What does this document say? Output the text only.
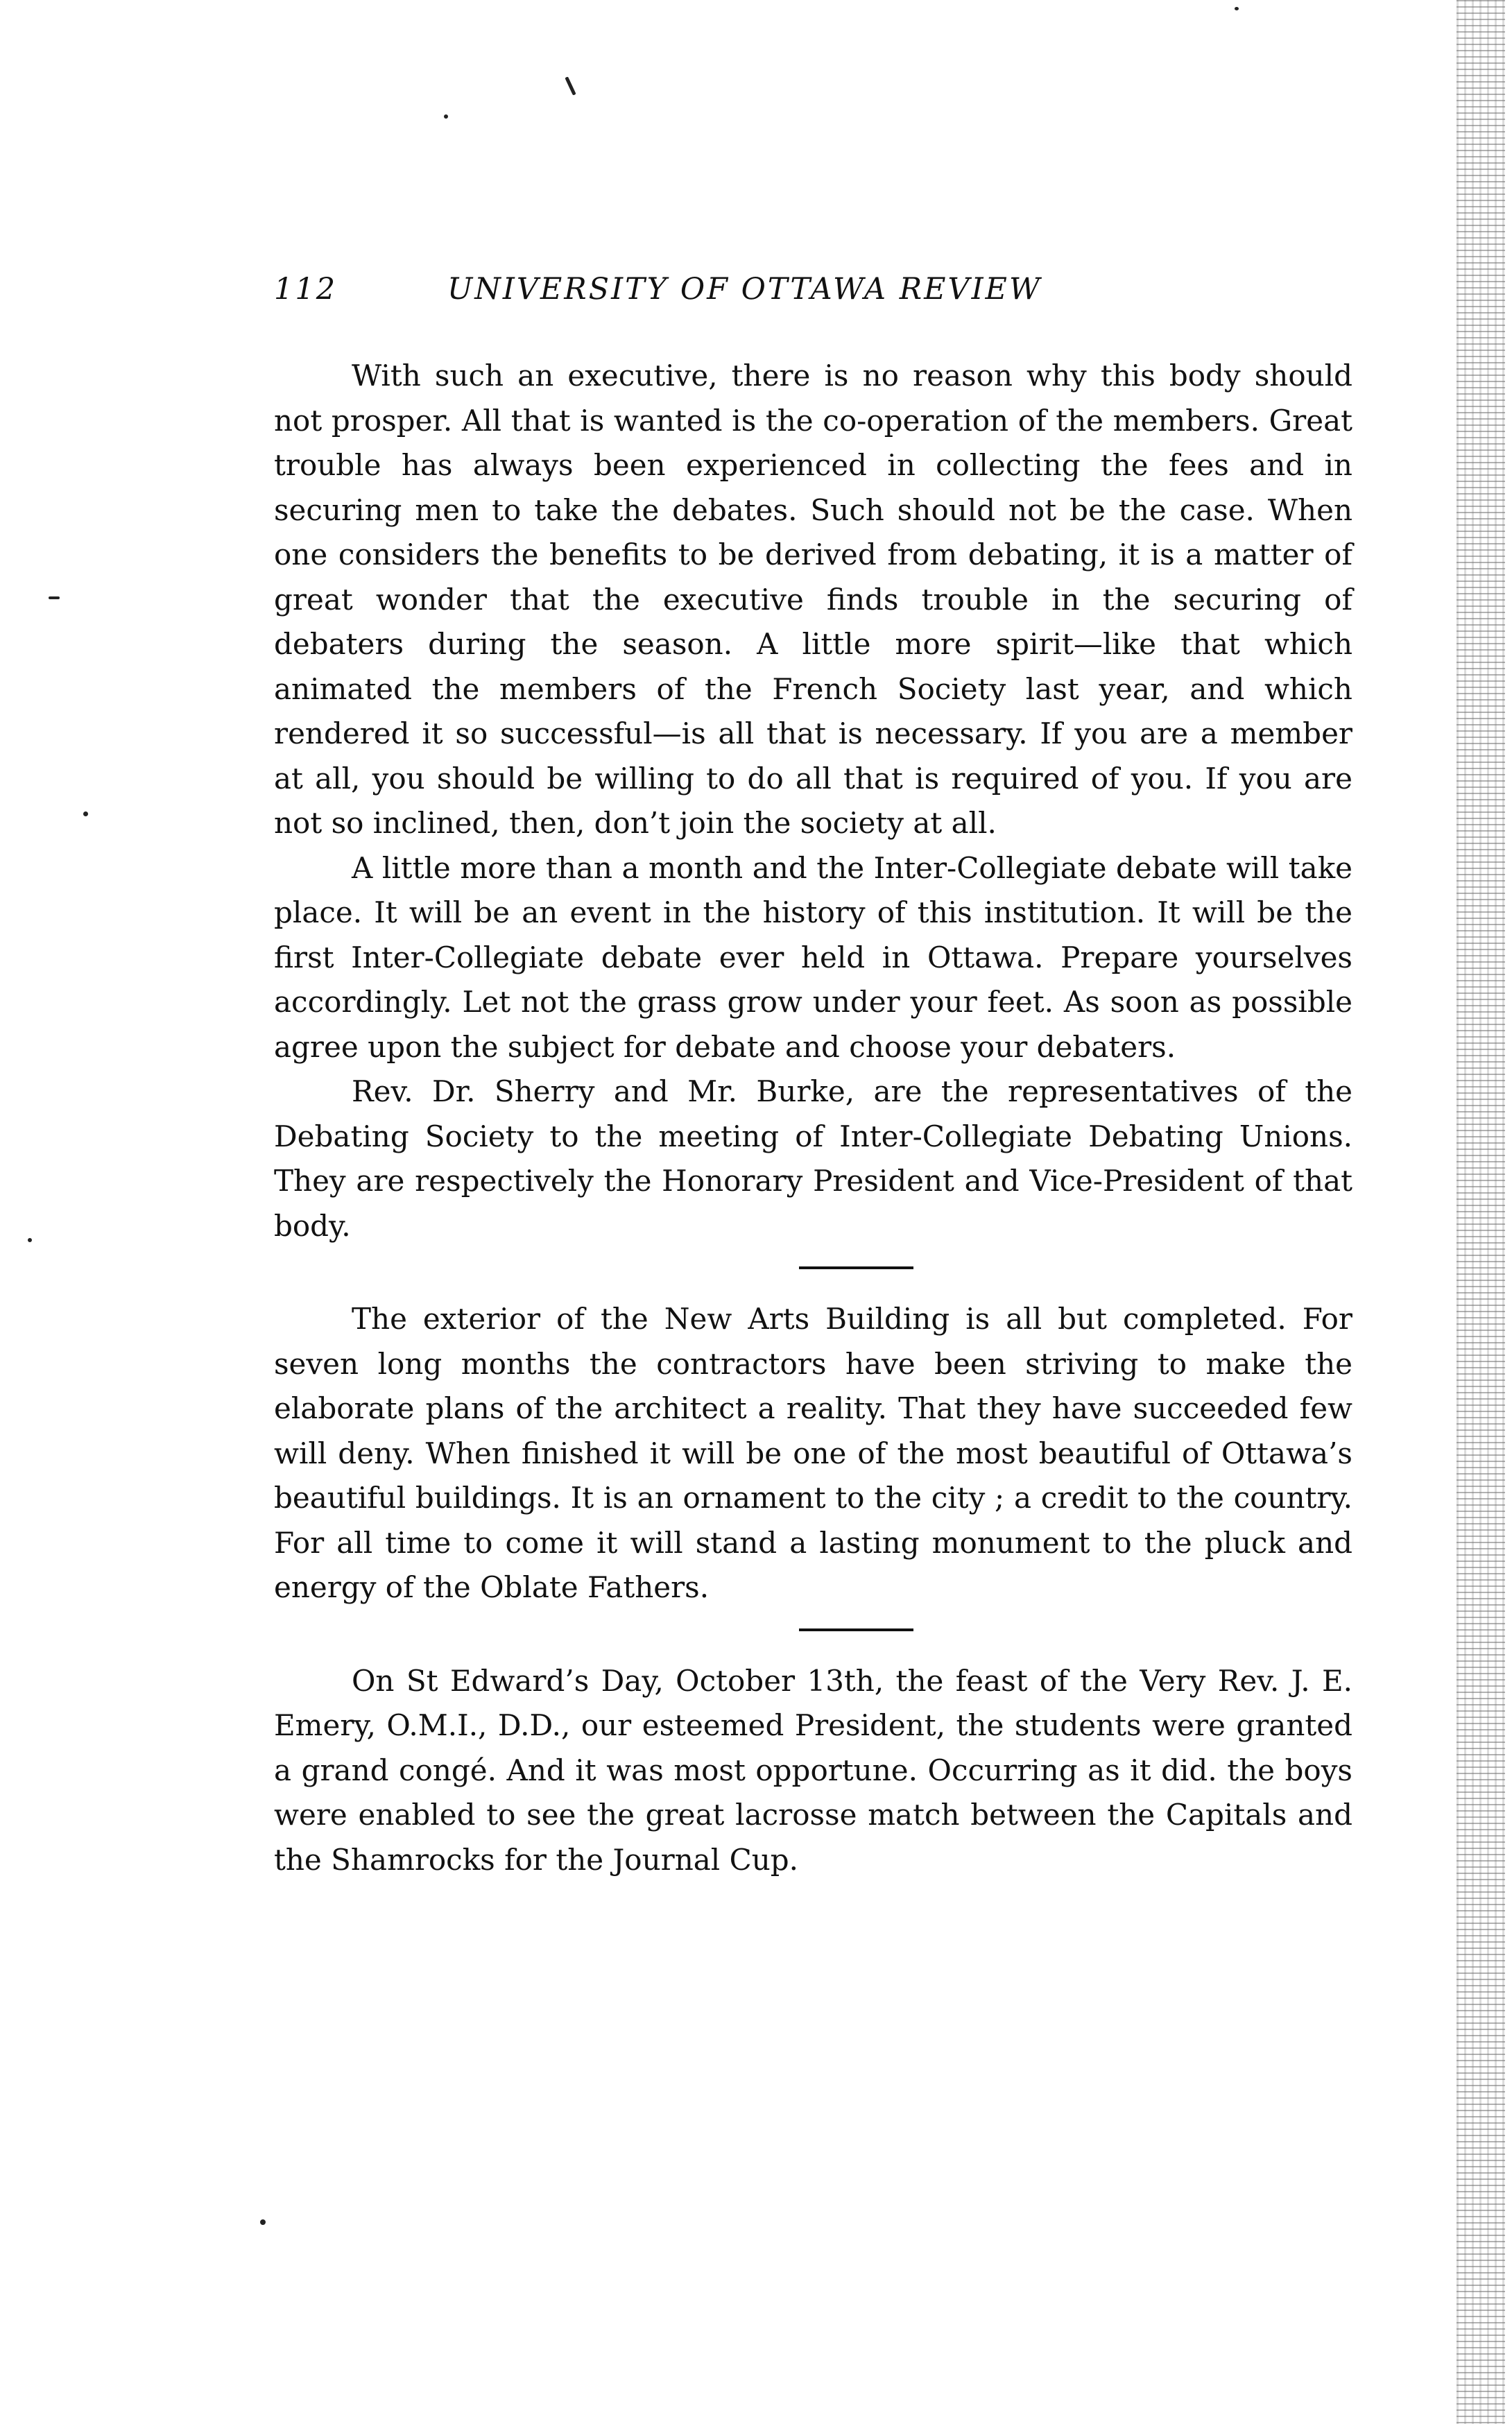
112	UNIVERSITY OF OTTAWA REVIEW

With such an executive, there is no reason why this body should not prosper. All that is wanted is the co-operation of the members. Great trouble has always been experienced in collecting the fees and in securing men to take the debates. Such should not be the case. When one considers the benefits to be derived from debating, it is a matter of great wonder that the executive finds trouble in the securing of debaters during the season. A little more spirit—like that which animated the members of the French Society last year, and which rendered it so successful—is all that is necessary. If you are a member at all, you should be willing to do all that is required of you. If you are not so inclined, then, don’t join the society at all.

A little more than a month and the Inter-Collegiate debate will take place. It will be an event in the history of this institution. It will be the first Inter-Collegiate debate ever held in Ottawa. Prepare yourselves accordingly. Let not the grass grow under your feet. As soon as possible agree upon the subject for debate and choose your debaters.

Rev. Dr. Sherry and Mr. Burke, are the representatives of the Debating Society to the meeting of Inter-Collegiate Debating Unions. They are respectively the Honorary President and Vice-President of that body.

The exterior of the New Arts Building is all but completed. For seven long months the contractors have been striving to make the elaborate plans of the architect a reality. That they have succeeded few will deny. When finished it will be one of the most beautiful of Ottawa’s beautiful buildings. It is an ornament to the city ; a credit to the country. For all time to come it will stand a lasting monument to the pluck and energy of the Oblate Fathers.

On St Edward’s Day, October 13th, the feast of the Very Rev. J. E. Emery, O.M.I., D.D., our esteemed President, the students were granted a grand congé. And it was most opportune. Occurring as it did. the boys were enabled to see the great lacrosse match between the Capitals and the Shamrocks for the Journal Cup.
